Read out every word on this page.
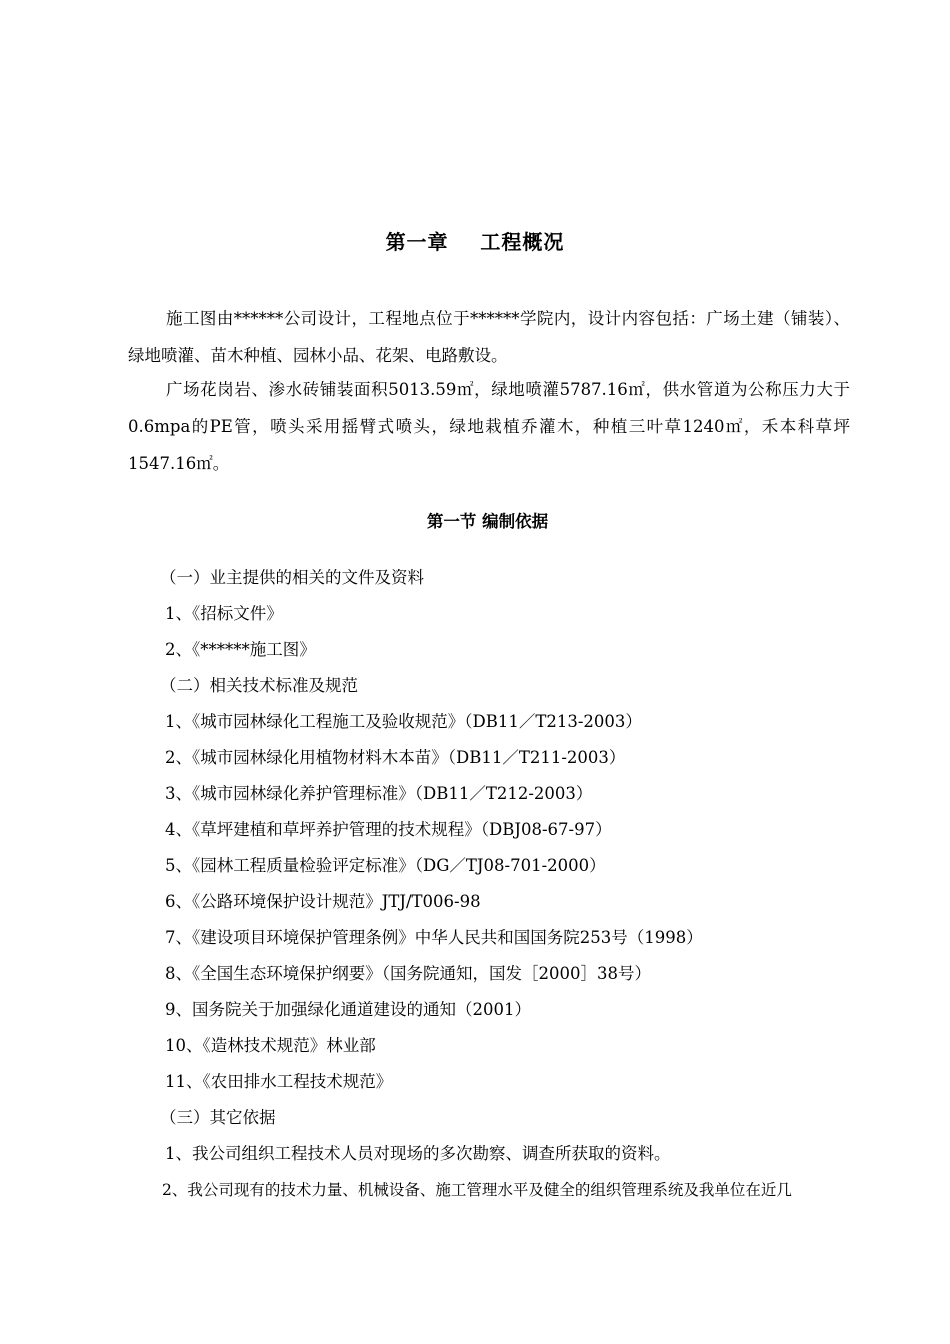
第一章    工程概况
施工图由******公司设计，工程地点位于******学院内，设计内容包括：广场土建（铺装）、绿地喷灌、苗木种植、园林小品、花架、电路敷设。
广场花岗岩、渗水砖铺装面积5013.59㎡，绿地喷灌5787.16㎡，供水管道为公称压力大于0.6mpa的PE管，喷头采用摇臂式喷头，绿地栽植乔灌木，种植三叶草1240㎡，禾本科草坪1547.16㎡。
第一节 编制依据
（一）业主提供的相关的文件及资料
1、《招标文件》
2、《******施工图》
（二）相关技术标准及规范
1、《城市园林绿化工程施工及验收规范》（DB11／T213-2003）
2、《城市园林绿化用植物材料木本苗》（DB11／T211-2003）
3、《城市园林绿化养护管理标准》（DB11／T212-2003）
4、《草坪建植和草坪养护管理的技术规程》（DBJ08-67-97）
5、《园林工程质量检验评定标准》（DG／TJ08-701-2000）
6、《公路环境保护设计规范》JTJ/T006-98
7、《建设项目环境保护管理条例》中华人民共和国国务院253号（1998）
8、《全国生态环境保护纲要》（国务院通知，国发［2000］38号）
9、国务院关于加强绿化通道建设的通知（2001）
10、《造林技术规范》林业部
11、《农田排水工程技术规范》
（三）其它依据
1、我公司组织工程技术人员对现场的多次勘察、调查所获取的资料。
2、我公司现有的技术力量、机械设备、施工管理水平及健全的组织管理系统及我单位在近几
